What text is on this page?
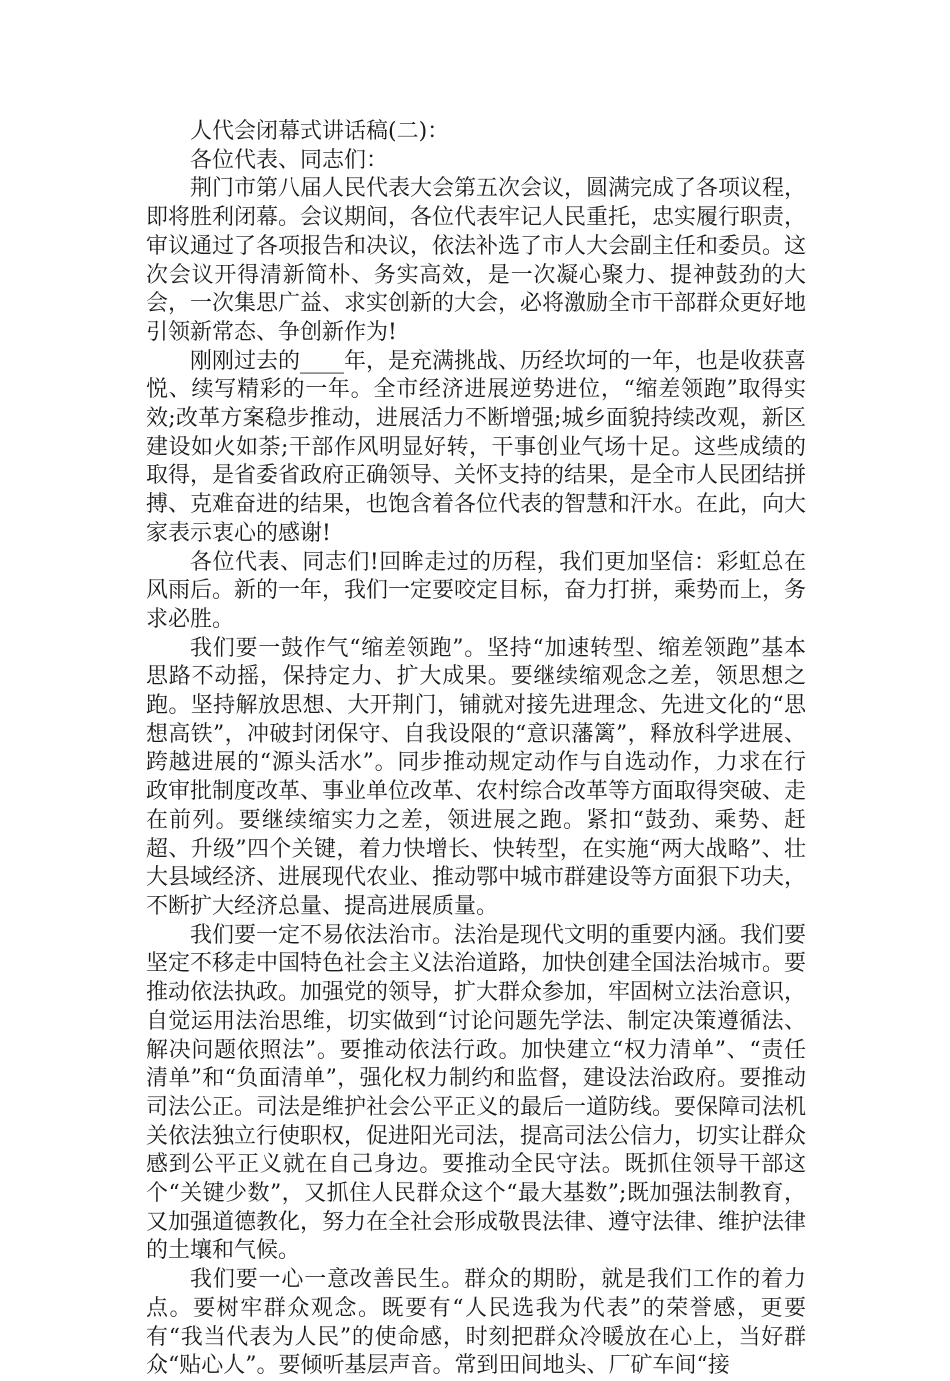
人代会闭幕式讲话稿(二)：

各位代表、同志们：

荆门市第八届人民代表大会第五次会议，圆满完成了各项议程，即将胜利闭幕。会议期间，各位代表牢记人民重托，忠实履行职责，审议通过了各项报告和决议，依法补选了市人大会副主任和委员。这次会议开得清新简朴、务实高效，是一次凝心聚力、提神鼓劲的大会，一次集思广益、求实创新的大会，必将激励全市干部群众更好地引领新常态、争创新作为!

刚刚过去的____年，是充满挑战、历经坎坷的一年，也是收获喜悦、续写精彩的一年。全市经济进展逆势进位，“缩差领跑”取得实效;改革方案稳步推动，进展活力不断增强;城乡面貌持续改观，新区建设如火如荼;干部作风明显好转，干事创业气场十足。这些成绩的取得，是省委省政府正确领导、关怀支持的结果，是全市人民团结拼搏、克难奋进的结果，也饱含着各位代表的智慧和汗水。在此，向大家表示衷心的感谢!

各位代表、同志们!回眸走过的历程，我们更加坚信：彩虹总在风雨后。新的一年，我们一定要咬定目标，奋力打拼，乘势而上，务求必胜。

我们要一鼓作气“缩差领跑”。坚持“加速转型、缩差领跑”基本思路不动摇，保持定力、扩大成果。要继续缩观念之差，领思想之跑。坚持解放思想、大开荆门，铺就对接先进理念、先进文化的“思想高铁”，冲破封闭保守、自我设限的“意识藩篱”，释放科学进展、跨越进展的“源头活水”。同步推动规定动作与自选动作，力求在行政审批制度改革、事业单位改革、农村综合改革等方面取得突破、走在前列。要继续缩实力之差，领进展之跑。紧扣“鼓劲、乘势、赶超、升级”四个关键，着力快增长、快转型，在实施“两大战略”、壮大县域经济、进展现代农业、推动鄂中城市群建设等方面狠下功夫，不断扩大经济总量、提高进展质量。

我们要一定不易依法治市。法治是现代文明的重要内涵。我们要坚定不移走中国特色社会主义法治道路，加快创建全国法治城市。要推动依法执政。加强党的领导，扩大群众参加，牢固树立法治意识，自觉运用法治思维，切实做到“讨论问题先学法、制定决策遵循法、解决问题依照法”。要推动依法行政。加快建立“权力清单”、“责任清单”和“负面清单”，强化权力制约和监督，建设法治政府。要推动司法公正。司法是维护社会公平正义的最后一道防线。要保障司法机关依法独立行使职权，促进阳光司法，提高司法公信力，切实让群众感到公平正义就在自己身边。要推动全民守法。既抓住领导干部这个“关键少数”，又抓住人民群众这个“最大基数”;既加强法制教育，又加强道德教化，努力在全社会形成敬畏法律、遵守法律、维护法律的土壤和气候。

我们要一心一意改善民生。群众的期盼，就是我们工作的着力点。要树牢群众观念。既要有“人民选我为代表”的荣誉感，更要有“我当代表为人民”的使命感，时刻把群众冷暖放在心上，当好群众“贴心人”。要倾听基层声音。常到田间地头、厂矿车间“接
